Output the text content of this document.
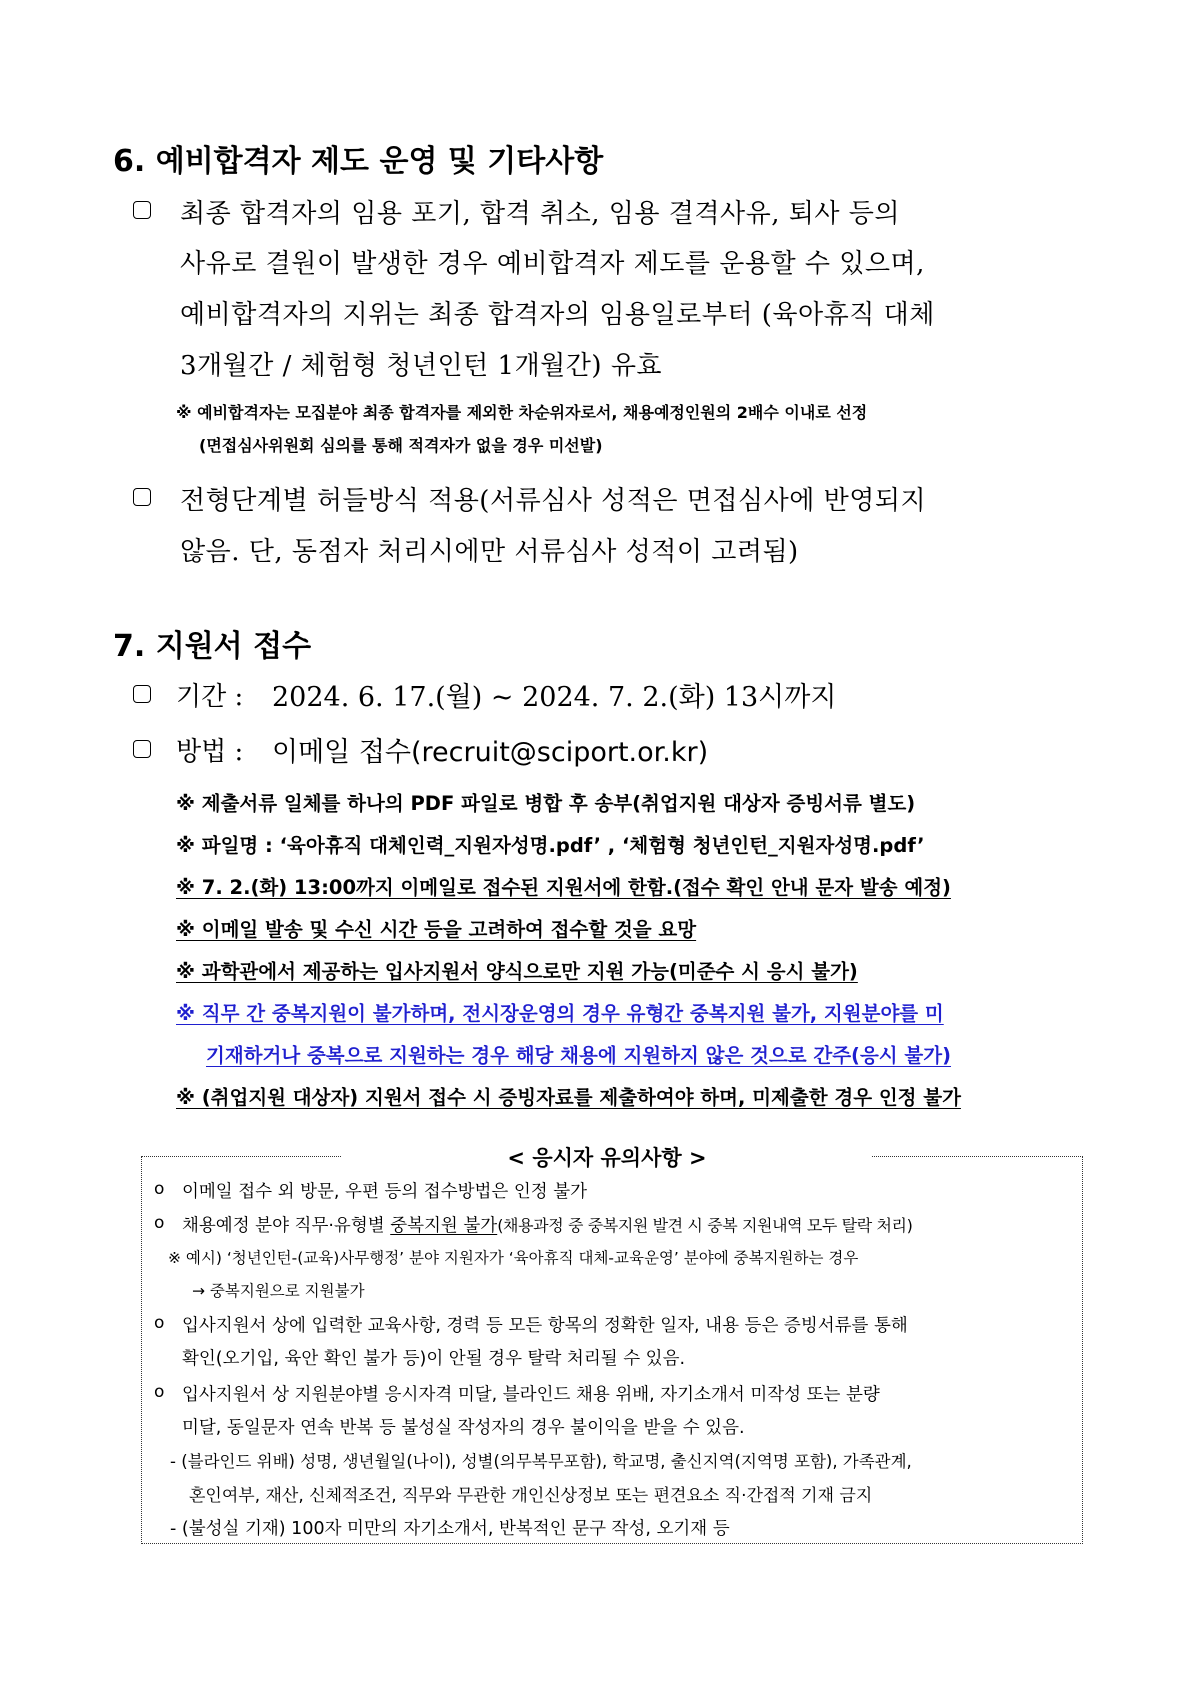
6. 예비합격자 제도 운영 및 기타사항
최종 합격자의 임용 포기, 합격 취소, 임용 결격사유, 퇴사 등의
사유로 결원이 발생한 경우 예비합격자 제도를 운용할 수 있으며,
예비합격자의 지위는 최종 합격자의 임용일로부터 (육아휴직 대체
3개월간 / 체험형 청년인턴 1개월간) 유효
※ 예비합격자는 모집분야 최종 합격자를 제외한 차순위자로서, 채용예정인원의 2배수 이내로 선정
(면접심사위원회 심의를 통해 적격자가 없을 경우 미선발)
전형단계별 허들방식 적용(서류심사 성적은 면접심사에 반영되지
않음. 단, 동점자 처리시에만 서류심사 성적이 고려됨)
7. 지원서 접수
기간 : 2024. 6. 17.(월) ~ 2024. 7. 2.(화) 13시까지
방법 : 이메일 접수(recruit@sciport.or.kr)
※ 제출서류 일체를 하나의 PDF 파일로 병합 후 송부(취업지원 대상자 증빙서류 별도)
※ 파일명 : ‘육아휴직 대체인력_지원자성명.pdf’ , ‘체험형 청년인턴_지원자성명.pdf’
※ 7. 2.(화) 13:00까지 이메일로 접수된 지원서에 한함.(접수 확인 안내 문자 발송 예정)
※ 이메일 발송 및 수신 시간 등을 고려하여 접수할 것을 요망
※ 과학관에서 제공하는 입사지원서 양식으로만 지원 가능(미준수 시 응시 불가)
※ 직무 간 중복지원이 불가하며, 전시장운영의 경우 유형간 중복지원 불가, 지원분야를 미
기재하거나 중복으로 지원하는 경우 해당 채용에 지원하지 않은 것으로 간주(응시 불가)
※ (취업지원 대상자) 지원서 접수 시 증빙자료를 제출하여야 하며, 미제출한 경우 인정 불가
< 응시자 유의사항 >
ο 이메일 접수 외 방문, 우편 등의 접수방법은 인정 불가
ο 채용예정 분야 직무·유형별 중복지원 불가(채용과정 중 중복지원 발견 시 중복 지원내역 모두 탈락 처리)
※ 예시) ‘청년인턴-(교육)사무행정’ 분야 지원자가 ‘육아휴직 대체-교육운영’ 분야에 중복지원하는 경우
→ 중복지원으로 지원불가
ο 입사지원서 상에 입력한 교육사항, 경력 등 모든 항목의 정확한 일자, 내용 등은 증빙서류를 통해
확인(오기입, 육안 확인 불가 등)이 안될 경우 탈락 처리될 수 있음.
ο 입사지원서 상 지원분야별 응시자격 미달, 블라인드 채용 위배, 자기소개서 미작성 또는 분량
미달, 동일문자 연속 반복 등 불성실 작성자의 경우 불이익을 받을 수 있음.
- (블라인드 위배) 성명, 생년월일(나이), 성별(의무복무포함), 학교명, 출신지역(지역명 포함), 가족관계,
혼인여부, 재산, 신체적조건, 직무와 무관한 개인신상정보 또는 편견요소 직·간접적 기재 금지
- (불성실 기재) 100자 미만의 자기소개서, 반복적인 문구 작성, 오기재 등
